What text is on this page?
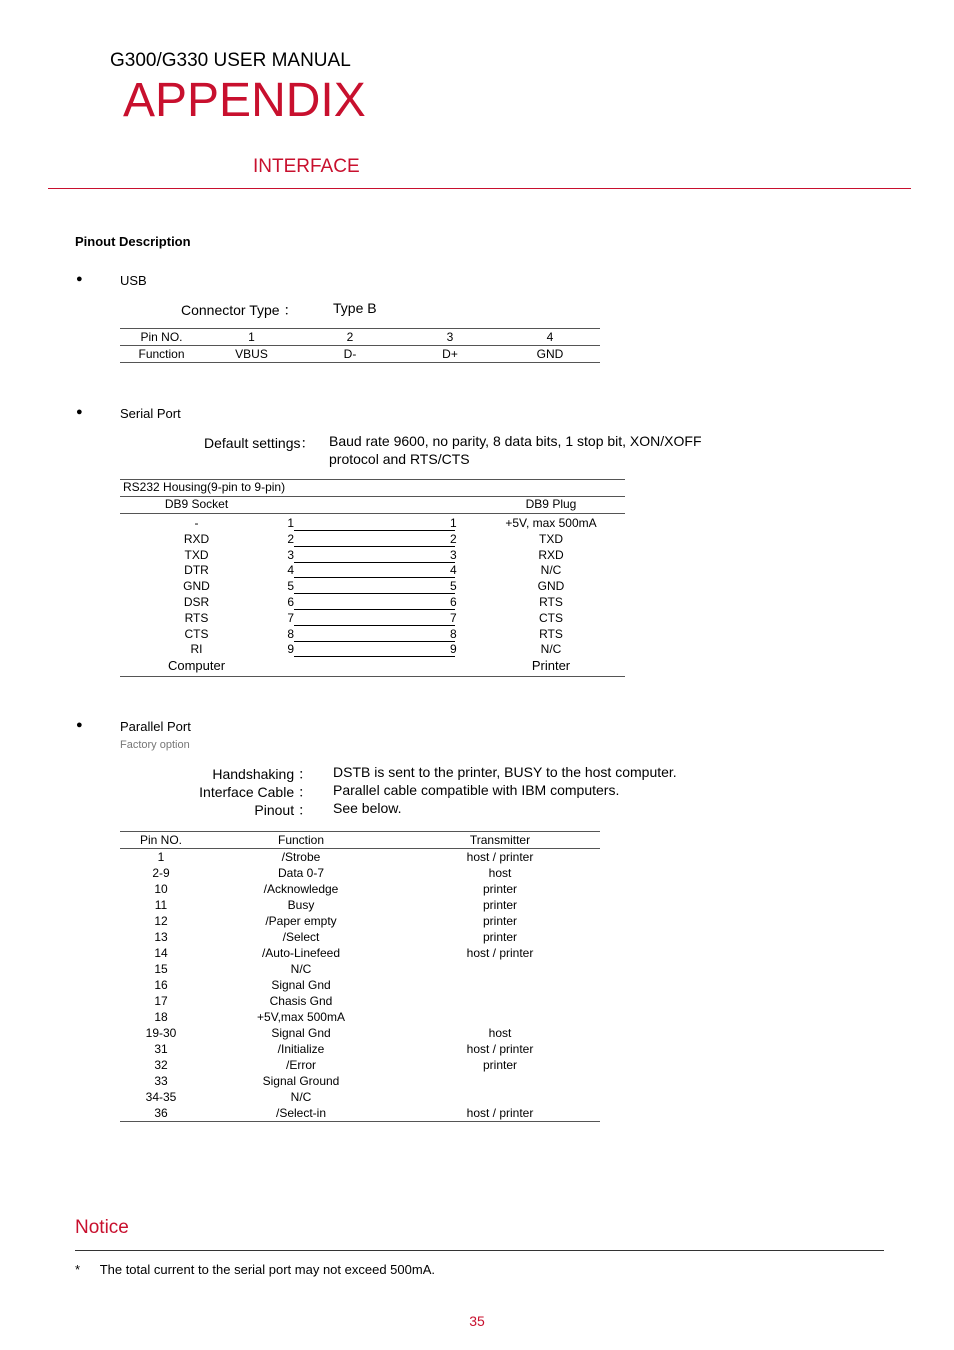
G300/G330 USER MANUAL
APPENDIX
INTERFACE
Pinout Description
●	USB
Connector Type ：	Type B
Pin NO.	1	2	3	4
Function	VBUS	D-	D+	GND
●	Serial Port
Default settings： Baud rate 9600, no parity, 8 data bits, 1 stop bit, XON/XOFF
protocol and RTS/CTS
RS232 Housing(9-pin to 9-pin)
DB9 Socket	DB9 Plug
-	1	1	+5V, max 500mA
RXD	2	2	TXD
TXD	3	3	RXD
DTR	4	4	N/C
GND	5	5	GND
DSR	6	6	RTS
RTS	7	7	CTS
CTS	8	8	RTS
RI	9	9	N/C
Computer	Printer
●	Parallel Port
Factory option
Handshaking ： DSTB is sent to the printer, BUSY to the host computer.
Interface Cable ： Parallel cable compatible with IBM computers.
Pinout ： See below.
Pin NO.	Function	Transmitter
1	/Strobe	host / printer
2-9	Data 0-7	host
10	/Acknowledge	printer
11	Busy	printer
12	/Paper empty	printer
13	/Select	printer
14	/Auto-Linefeed	host / printer
15	N/C	
16	Signal Gnd	
17	Chasis Gnd	
18	+5V,max 500mA	
19-30	Signal Gnd	host
31	/Initialize	host / printer
32	/Error	printer
33	Signal Ground	
34-35	N/C	
36	/Select-in	host / printer
Notice
* The total current to the serial port may not exceed 500mA.
35
